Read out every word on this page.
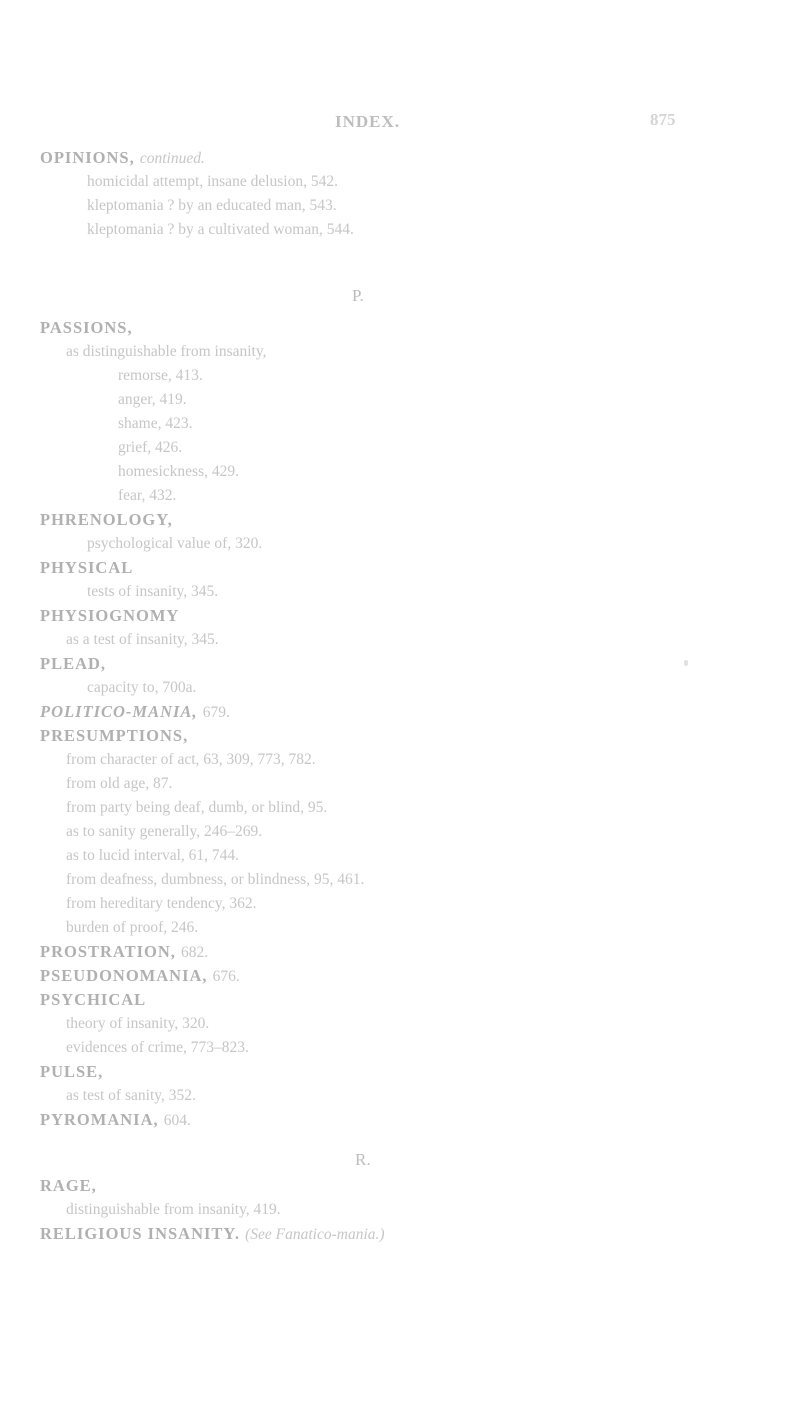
INDEX.	875
OPINIONS, continued.
homicidal attempt, insane delusion, 542.
kleptomania ? by an educated man, 543.
kleptomania ? by a cultivated woman, 544.
P.
PASSIONS,
as distinguishable from insanity,
remorse, 413.
anger, 419.
shame, 423.
grief, 426.
homesickness, 429.
fear, 432.
PHRENOLOGY,
psychological value of, 320.
PHYSICAL
tests of insanity, 345.
PHYSIOGNOMY
as a test of insanity, 345.
PLEAD,
capacity to, 700a.
POLITICO-MANIA, 679.
PRESUMPTIONS,
from character of act, 63, 309, 773, 782.
from old age, 87.
from party being deaf, dumb, or blind, 95.
as to sanity generally, 246–269.
as to lucid interval, 61, 744.
from deafness, dumbness, or blindness, 95, 461.
from hereditary tendency, 362.
burden of proof, 246.
PROSTRATION, 682.
PSEUDONOMANIA, 676.
PSYCHICAL
theory of insanity, 320.
evidences of crime, 773–823.
PULSE,
as test of sanity, 352.
PYROMANIA, 604.
R.
RAGE,
distinguishable from insanity, 419.
RELIGIOUS INSANITY. (See Fanatico-mania.)
